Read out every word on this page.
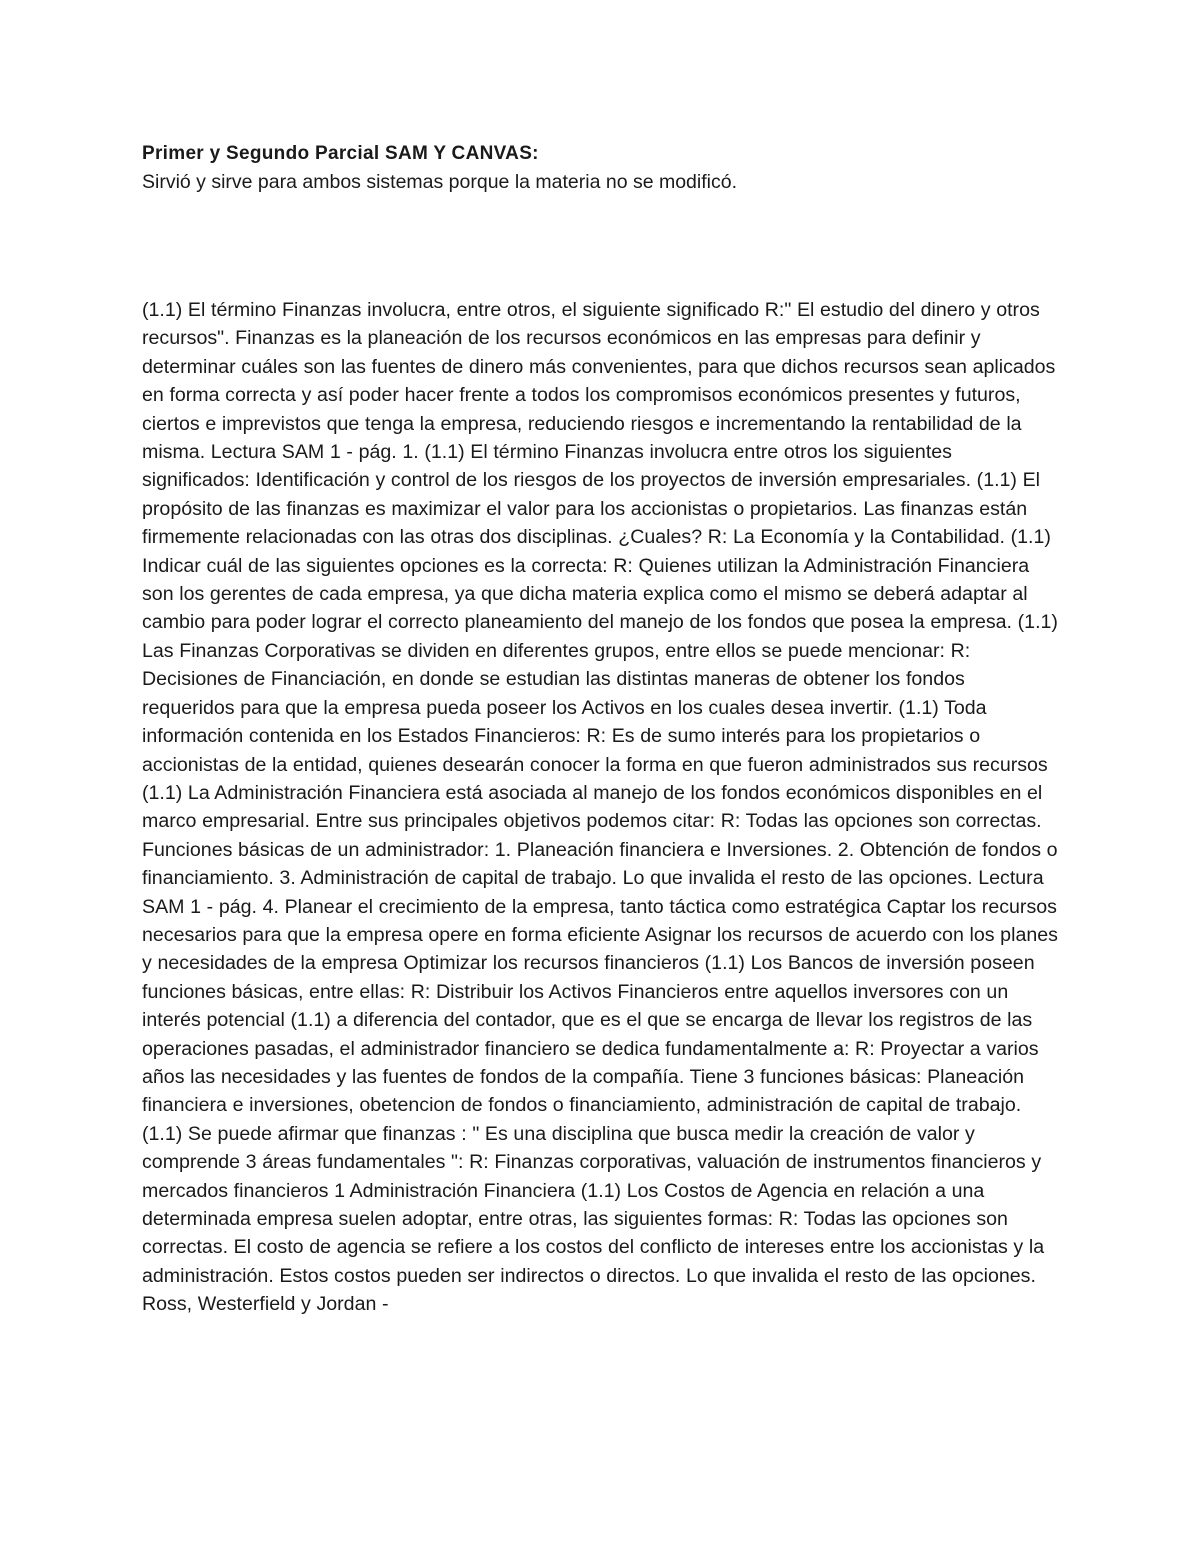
Primer y Segundo Parcial SAM Y CANVAS:

Sirvió y sirve para ambos sistemas porque la materia no se modificó.

(1.1) El término Finanzas involucra, entre otros, el siguiente significado R:" El estudio del dinero y otros recursos". Finanzas es la planeación de los recursos económicos en las empresas para definir y determinar cuáles son las fuentes de dinero más convenientes, para que dichos recursos sean aplicados en forma correcta y así poder hacer frente a todos los compromisos económicos presentes y futuros, ciertos e imprevistos que tenga la empresa, reduciendo riesgos e incrementando la rentabilidad de la misma. Lectura SAM 1 - pág. 1. (1.1) El término Finanzas involucra entre otros los siguientes significados: Identificación y control de los riesgos de los proyectos de inversión empresariales. (1.1) El propósito de las finanzas es maximizar el valor para los accionistas o propietarios. Las finanzas están firmemente relacionadas con las otras dos disciplinas. ¿Cuales? R: La Economía y la Contabilidad. (1.1) Indicar cuál de las siguientes opciones es la correcta: R: Quienes utilizan la Administración Financiera son los gerentes de cada empresa, ya que dicha materia explica como el mismo se deberá adaptar al cambio para poder lograr el correcto planeamiento del manejo de los fondos que posea la empresa. (1.1) Las Finanzas Corporativas se dividen en diferentes grupos, entre ellos se puede mencionar: R: Decisiones de Financiación, en donde se estudian las distintas maneras de obtener los fondos requeridos para que la empresa pueda poseer los Activos en los cuales desea invertir. (1.1) Toda información contenida en los Estados Financieros: R: Es de sumo interés para los propietarios o accionistas de la entidad, quienes desearán conocer la forma en que fueron administrados sus recursos (1.1) La Administración Financiera está asociada al manejo de los fondos económicos disponibles en el marco empresarial. Entre sus principales objetivos podemos citar: R: Todas las opciones son correctas. Funciones básicas de un administrador: 1. Planeación financiera e Inversiones. 2. Obtención de fondos o financiamiento. 3. Administración de capital de trabajo. Lo que invalida el resto de las opciones. Lectura SAM 1 - pág. 4. Planear el crecimiento de la empresa, tanto táctica como estratégica Captar los recursos necesarios para que la empresa opere en forma eficiente Asignar los recursos de acuerdo con los planes y necesidades de la empresa Optimizar los recursos financieros (1.1) Los Bancos de inversión poseen funciones básicas, entre ellas: R: Distribuir los Activos Financieros entre aquellos inversores con un interés potencial (1.1) a diferencia del contador, que es el que se encarga de llevar los registros de las operaciones pasadas, el administrador financiero se dedica fundamentalmente a: R: Proyectar a varios años las necesidades y las fuentes de fondos de la compañía. Tiene 3 funciones básicas: Planeación financiera e inversiones, obetencion de fondos o financiamiento, administración de capital de trabajo. (1.1) Se puede afirmar que finanzas : " Es una disciplina que busca medir la creación de valor y comprende 3 áreas fundamentales ": R: Finanzas corporativas, valuación de instrumentos financieros y mercados financieros 1 Administración Financiera (1.1) Los Costos de Agencia en relación a una determinada empresa suelen adoptar, entre otras, las siguientes formas: R: Todas las opciones son correctas. El costo de agencia se refiere a los costos del conflicto de intereses entre los accionistas y la administración. Estos costos pueden ser indirectos o directos. Lo que invalida el resto de las opciones. Ross, Westerfield y Jordan -
